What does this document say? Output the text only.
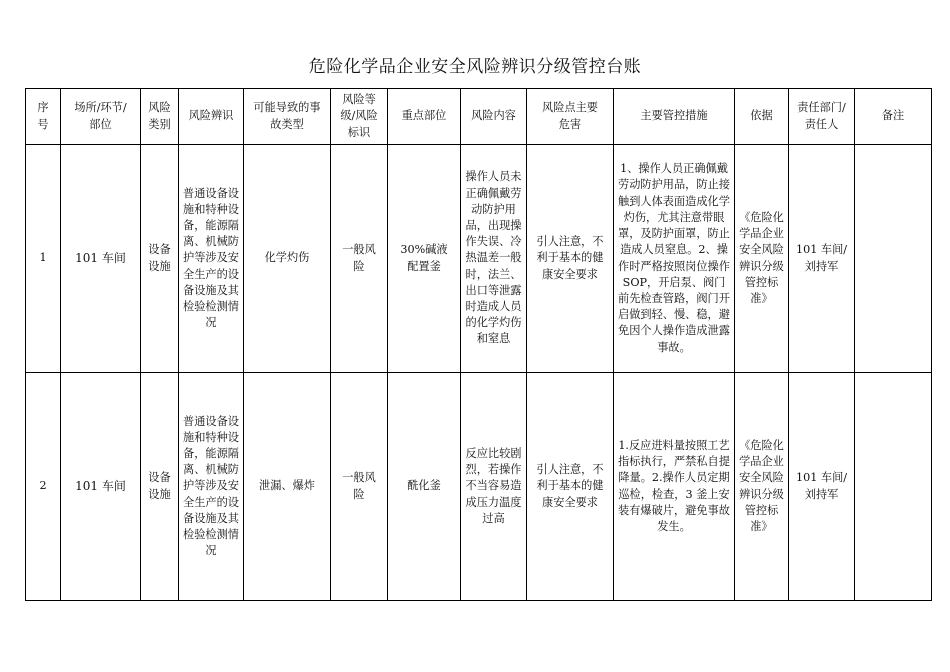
危险化学品企业安全风险辨识分级管控台账
序号	场所/环节/部位	风险类别	风险辨识	可能导致的事故类型	风险等级/风险标识	重点部位	风险内容	风险点主要危害	主要管控措施	依据	责任部门/责任人	备注
1	101 车间	设备设施	普通设备设施和特种设备，能源隔离、机械防护等涉及安全生产的设备设施及其检验检测情况	化学灼伤	一般风险	30%碱液配置釜	操作人员未正确佩戴劳动防护用品，出现操作失误、冷热温差一般时，法兰、出口等泄露时造成人员的化学灼伤和窒息	引人注意，不利于基本的健康安全要求	1、操作人员正确佩戴劳动防护用品，防止接触到人体表面造成化学灼伤，尤其注意带眼罩，及防护面罩，防止造成人员窒息。2、操作时严格按照岗位操作SOP，开启泵、阀门前先检查管路，阀门开启做到轻、慢、稳，避免因个人操作造成泄露事故。	《危险化学品企业安全风险辨识分级管控标准》	101 车间/刘持军	
2	101 车间	设备设施	普通设备设施和特种设备，能源隔离、机械防护等涉及安全生产的设备设施及其检验检测情况	泄漏、爆炸	一般风险	酰化釜	反应比较剧烈，若操作不当容易造成压力温度过高	引人注意，不利于基本的健康安全要求	1.反应进料量按照工艺指标执行，严禁私自提降量。2.操作人员定期巡检，检查，3 釜上安装有爆破片，避免事故发生。	《危险化学品企业安全风险辨识分级管控标准》	101 车间/刘持军	
